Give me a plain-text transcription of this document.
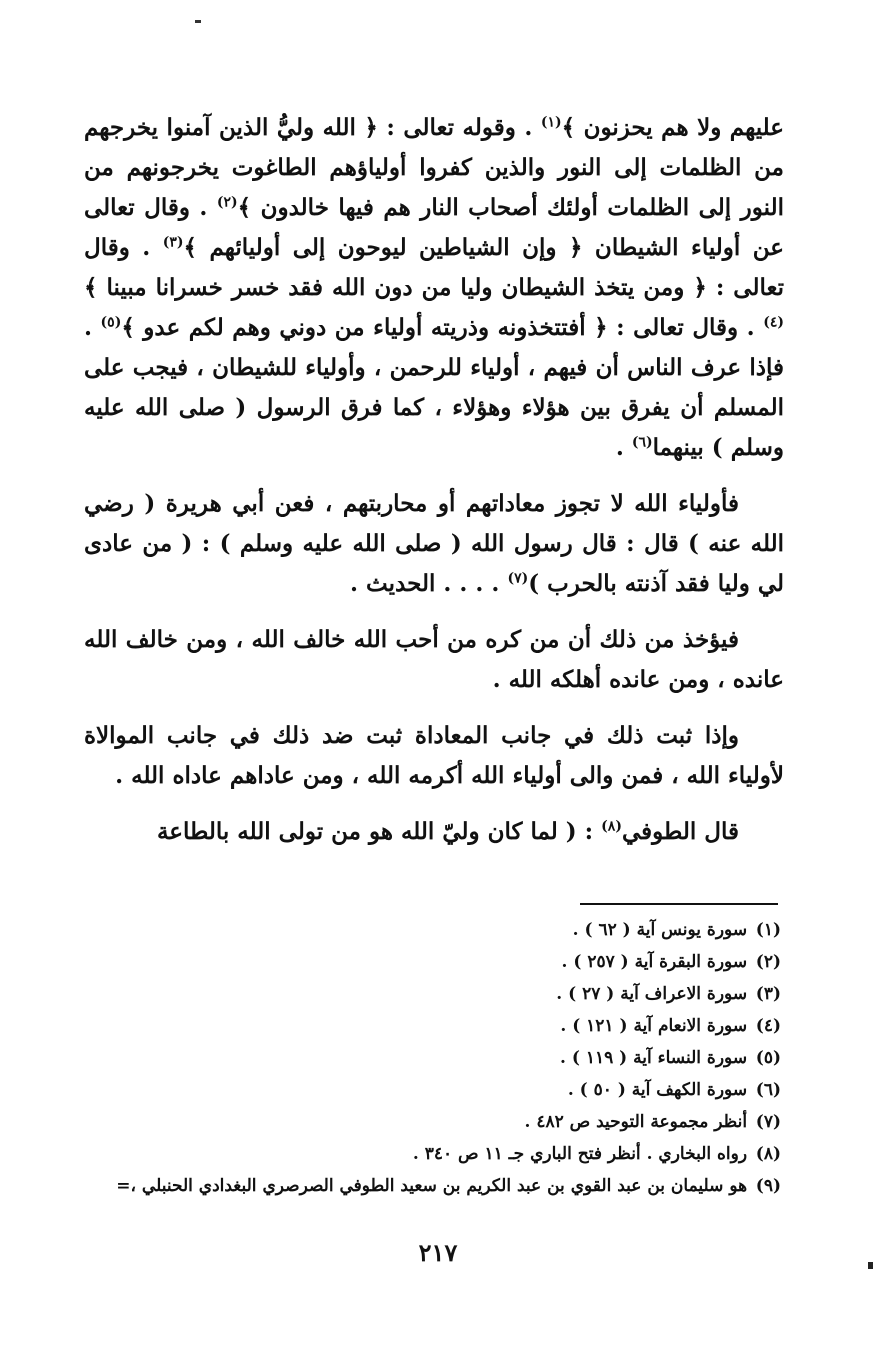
عليهم ولا هم يحزنون ﴾$^{(١)}$ . وقوله تعالى : ﴿ الله وليُّ الذين آمنوا يخرجهم من الظلمات إلى النور والذين كفروا أولياؤهم الطاغوت يخرجونهم من النور إلى الظلمات أولئك أصحاب النار هم فيها خالدون ﴾$^{(٢)}$ . وقال تعالى عن أولياء الشيطان ﴿ وإن الشياطين ليوحون إلى أوليائهم ﴾$^{(٣)}$ . وقال تعالى : ﴿ ومن يتخذ الشيطان وليا من دون الله فقد خسر خسرانا مبينا ﴾$^{(٤)}$ . وقال تعالى : ﴿ أفتتخذونه وذريته أولياء من دوني وهم لكم عدو ﴾$^{(٥)}$ . فإذا عرف الناس أن فيهم ، أولياء للرحمن ، وأولياء للشيطان ، فيجب على المسلم أن يفرق بين هؤلاء وهؤلاء ، كما فرق الرسول ( صلى الله عليه وسلم ) بينهما$^{(٦)}$ .

فأولياء الله لا تجوز معاداتهم أو محاربتهم ، فعن أبي هريرة ( رضي الله عنه ) قال : قال رسول الله ( صلى الله عليه وسلم ) : ( من عادى لي وليا فقد آذنته بالحرب )$^{(٧)}$ . . . . الحديث .

فيؤخذ من ذلك أن من كره من أحب الله خالف الله ، ومن خالف الله عانده ، ومن عانده أهلكه الله .

وإذا ثبت ذلك في جانب المعاداة ثبت ضد ذلك في جانب الموالاة لأولياء الله ، فمن والى أولياء الله أكرمه الله ، ومن عاداهم عاداه الله .

قال الطوفي$^{(٨)}$ : ( لما كان وليّ الله هو من تولى الله بالطاعة

(١) سورة يونس آية ( ٦٢ ) .
(٢) سورة البقرة آية ( ٢٥٧ ) .
(٣) سورة الاعراف آية ( ٢٧ ) .
(٤) سورة الانعام آية ( ١٢١ ) .
(٥) سورة النساء آية ( ١١٩ ) .
(٦) سورة الكهف آية ( ٥٠ ) .
(٧) أنظر مجموعة التوحيد ص ٤٨٢ .
(٨) رواه البخاري . أنظر فتح الباري جـ ١١ ص ٣٤٠ .
(٩) هو سليمان بن عبد القوي بن عبد الكريم بن سعيد الطوفي الصرصري البغدادي الحنبلي ،=
٢١٧
